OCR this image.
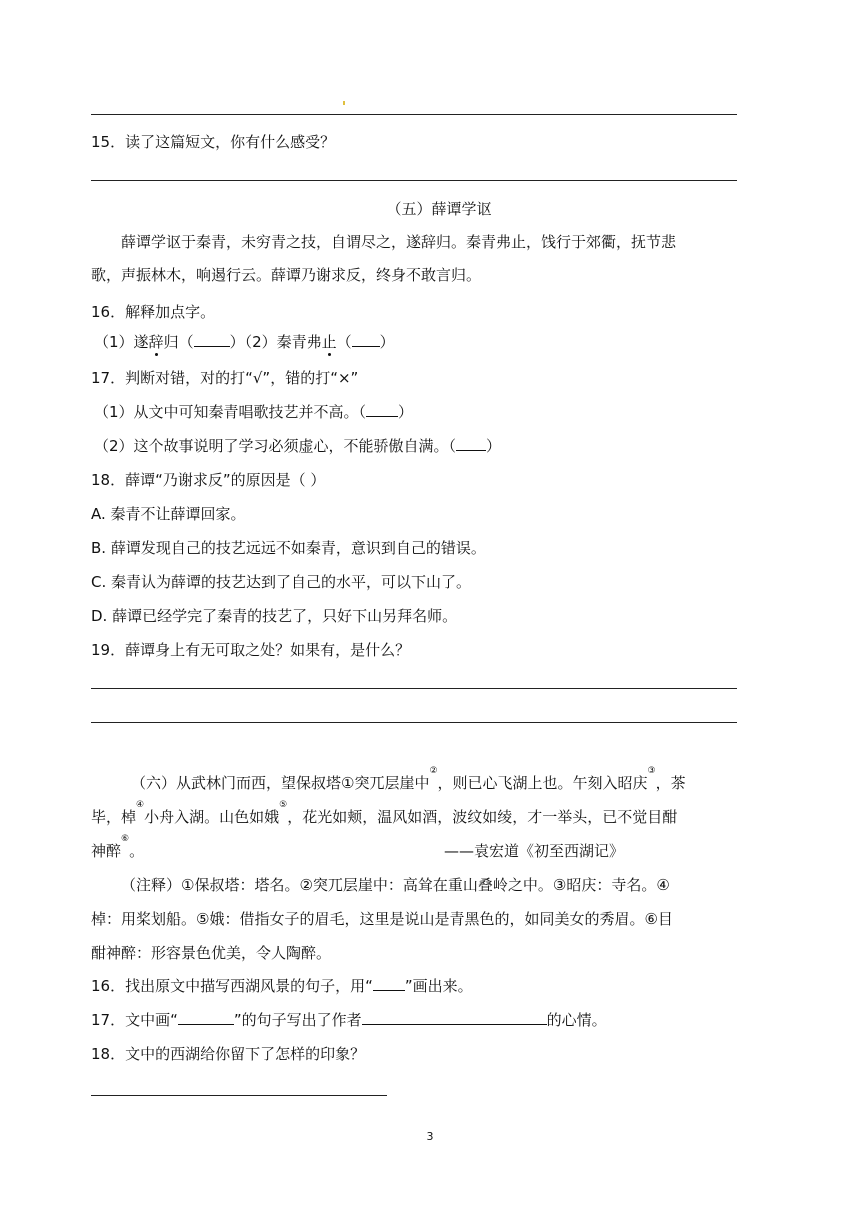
15．读了这篇短文，你有什么感受？
（五）薛谭学讴
薛谭学讴于秦青，未穷青之技，自谓尽之，遂辞归。秦青弗止，饯行于郊衢，抚节悲
歌，声振林木，响遏行云。薛谭乃谢求反，终身不敢言归。
16．解释加点字。
（1）遂辞归（ ）（2）秦青弗止（ ）
17．判断对错，对的打“√”，错的打“×”
（1）从文中可知秦青唱歌技艺并不高。（ ）
（2）这个故事说明了学习必须虚心，不能骄傲自满。（ ）
18．薛谭“乃谢求反”的原因是（ ）
A. 秦青不让薛谭回家。
B. 薛谭发现自己的技艺远远不如秦青，意识到自己的错误。
C. 秦青认为薛谭的技艺达到了自己的水平，可以下山了。
D. 薛谭已经学完了秦青的技艺了，只好下山另拜名师。
19．薛谭身上有无可取之处？如果有，是什么？
（六）从武林门而西，望保叔塔①突兀层崖中②，则已心飞湖上也。午刻入昭庆③，茶
毕，棹④小舟入湖。山色如娥⑤，花光如颊，温风如酒，波纹如绫，才一举头，已不觉目酣
神醉⑥。	——袁宏道《初至西湖记》
（注释）①保叔塔：塔名。②突兀层崖中：高耸在重山叠岭之中。③昭庆：寺名。④
棹：用桨划船。⑤娥：借指女子的眉毛，这里是说山是青黑色的，如同美女的秀眉。⑥目
酣神醉：形容景色优美，令人陶醉。
16．找出原文中描写西湖风景的句子，用“ ”画出来。
17．文中画“	”的句子写出了作者	的心情。
18．文中的西湖给你留下了怎样的印象？
3
